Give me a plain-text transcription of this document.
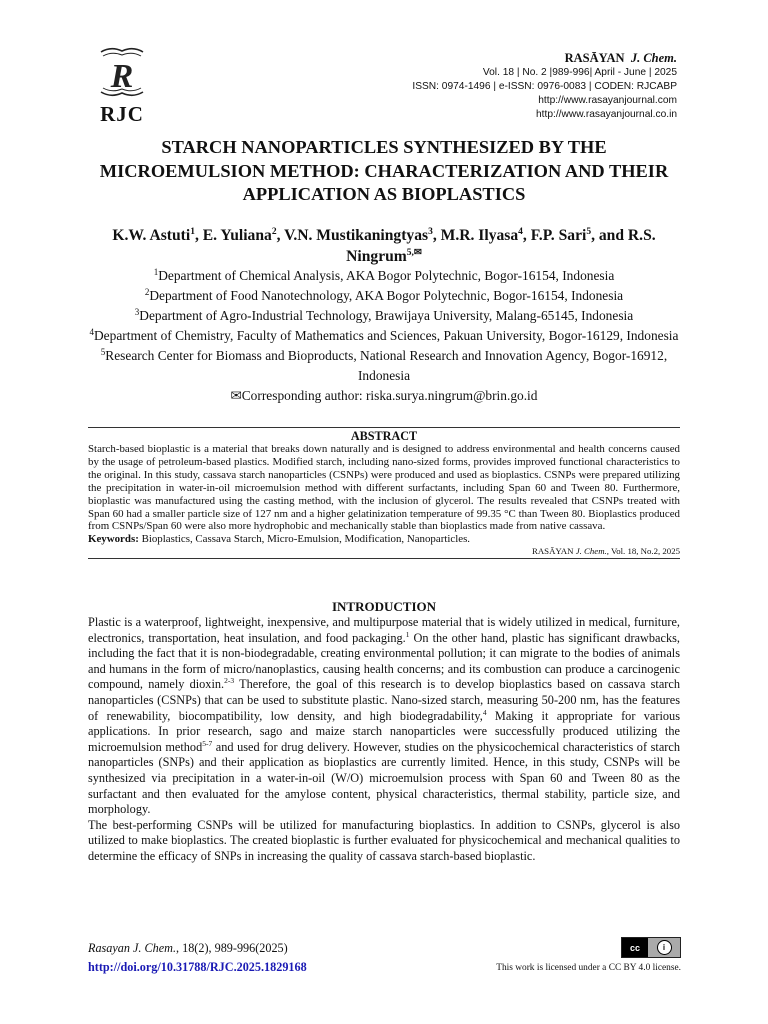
R
RJC
RASĀYAN J. Chem.
Vol. 18 | No. 2 |989-996| April - June | 2025
ISSN: 0974-1496 | e-ISSN: 0976-0083 | CODEN: RJCABP
http://www.rasayanjournal.com
http://www.rasayanjournal.co.in
STARCH NANOPARTICLES SYNTHESIZED BY THE MICROEMULSION METHOD: CHARACTERIZATION AND THEIR APPLICATION AS BIOPLASTICS
K.W. Astuti$^1$, E. Yuliana$^2$, V.N. Mustikaningtyas$^3$, M.R. Ilyasa$^4$, F.P. Sari$^5$, and R.S. Ningrum$^{5,✉}$
$^1$Department of Chemical Analysis, AKA Bogor Polytechnic, Bogor-16154, Indonesia
$^2$Department of Food Nanotechnology, AKA Bogor Polytechnic, Bogor-16154, Indonesia
$^3$Department of Agro-Industrial Technology, Brawijaya University, Malang-65145, Indonesia
$^4$Department of Chemistry, Faculty of Mathematics and Sciences, Pakuan University, Bogor-16129, Indonesia
$^5$Research Center for Biomass and Bioproducts, National Research and Innovation Agency, Bogor-16912, Indonesia
✉Corresponding author: riska.surya.ningrum@brin.go.id
ABSTRACT
Starch-based bioplastic is a material that breaks down naturally and is designed to address environmental and health concerns caused by the usage of petroleum-based plastics. Modified starch, including nano-sized forms, provides improved functional characteristics to the original. In this study, cassava starch nanoparticles (CSNPs) were produced and used as bioplastics. CSNPs were prepared utilizing the precipitation in water-in-oil microemulsion method with different surfactants, including Span 60 and Tween 80. Furthermore, bioplastic was manufactured using the casting method, with the inclusion of glycerol. The results revealed that CSNPs treated with Span 60 had a smaller particle size of 127 nm and a higher gelatinization temperature of 99.35 °C than Tween 80. Bioplastics produced from CSNPs/Span 60 were also more hydrophobic and mechanically stable than bioplastics made from native cassava.
Keywords: Bioplastics, Cassava Starch, Micro-Emulsion, Modification, Nanoparticles.
RASĀYAN J. Chem., Vol. 18, No.2, 2025
INTRODUCTION

Plastic is a waterproof, lightweight, inexpensive, and multipurpose material that is widely utilized in medical, furniture, electronics, transportation, heat insulation, and food packaging.$^1$ On the other hand, plastic has significant drawbacks, including the fact that it is non-biodegradable, creating environmental pollution; it can migrate to the bodies of animals and humans in the form of micro/nanoplastics, causing health concerns; and its combustion can produce a carcinogenic compound, namely dioxin.$^{2-3}$ Therefore, the goal of this research is to develop bioplastics based on cassava starch nanoparticles (CSNPs) that can be used to substitute plastic. Nano-sized starch, measuring 50-200 nm, has the features of renewability, biocompatibility, low density, and high biodegradability,$^4$ Making it appropriate for various applications. In prior research, sago and maize starch nanoparticles were successfully produced utilizing the microemulsion method$^{5-7}$ and used for drug delivery. However, studies on the physicochemical characteristics of starch nanoparticles (SNPs) and their application as bioplastics are currently limited. Hence, in this study, CSNPs will be synthesized via precipitation in a water-in-oil (W/O) microemulsion process with Span 60 and Tween 80 as the surfactant and then evaluated for the amylose content, physical characteristics, thermal stability, particle size, and morphology.

The best-performing CSNPs will be utilized for manufacturing bioplastics. In addition to CSNPs, glycerol is also utilized to make bioplastics. The created bioplastic is further evaluated for physicochemical and mechanical qualities to determine the efficacy of SNPs in increasing the quality of cassava starch-based bioplastic.

Rasayan J. Chem., 18(2), 989-996(2025)
http://doi.org/10.31788/RJC.2025.1829168
cc	i
This work is licensed under a CC BY 4.0 license.
